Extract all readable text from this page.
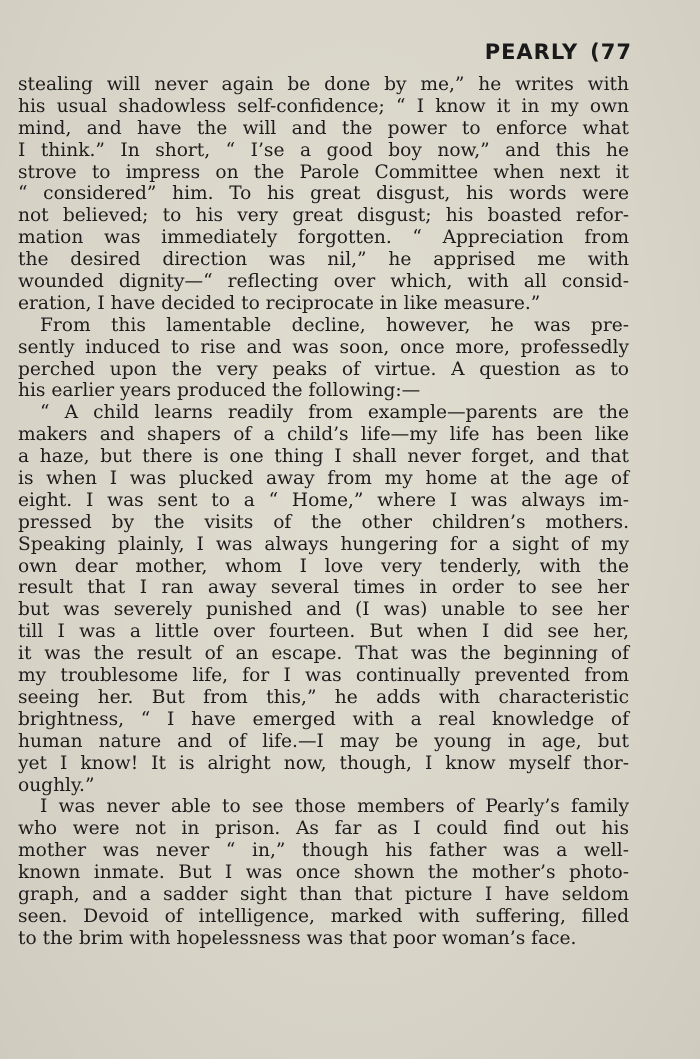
PEARLY (77
stealing will never again be done by me,” he writes with
his usual shadowless self-confidence; “ I know it in my own
mind, and have the will and the power to enforce what
I think.” In short, “ I’se a good boy now,” and this he
strove to impress on the Parole Committee when next it
“ considered” him. To his great disgust, his words were
not believed; to his very great disgust; his boasted refor-
mation was immediately forgotten. “ Appreciation from
the desired direction was nil,” he apprised me with
wounded dignity—“ reflecting over which, with all consid-
eration, I have decided to reciprocate in like measure.”
From this lamentable decline, however, he was pre-
sently induced to rise and was soon, once more, professedly
perched upon the very peaks of virtue. A question as to
his earlier years produced the following:—
“ A child learns readily from example—parents are the
makers and shapers of a child’s life—my life has been like
a haze, but there is one thing I shall never forget, and that
is when I was plucked away from my home at the age of
eight. I was sent to a “ Home,” where I was always im-
pressed by the visits of the other children’s mothers.
Speaking plainly, I was always hungering for a sight of my
own dear mother, whom I love very tenderly, with the
result that I ran away several times in order to see her
but was severely punished and (I was) unable to see her
till I was a little over fourteen. But when I did see her,
it was the result of an escape. That was the beginning of
my troublesome life, for I was continually prevented from
seeing her. But from this,” he adds with characteristic
brightness, “ I have emerged with a real knowledge of
human nature and of life.—I may be young in age, but
yet I know! It is alright now, though, I know myself thor-
oughly.”
I was never able to see those members of Pearly’s family
who were not in prison. As far as I could find out his
mother was never “ in,” though his father was a well-
known inmate. But I was once shown the mother’s photo-
graph, and a sadder sight than that picture I have seldom
seen. Devoid of intelligence, marked with suffering, filled
to the brim with hopelessness was that poor woman’s face.
